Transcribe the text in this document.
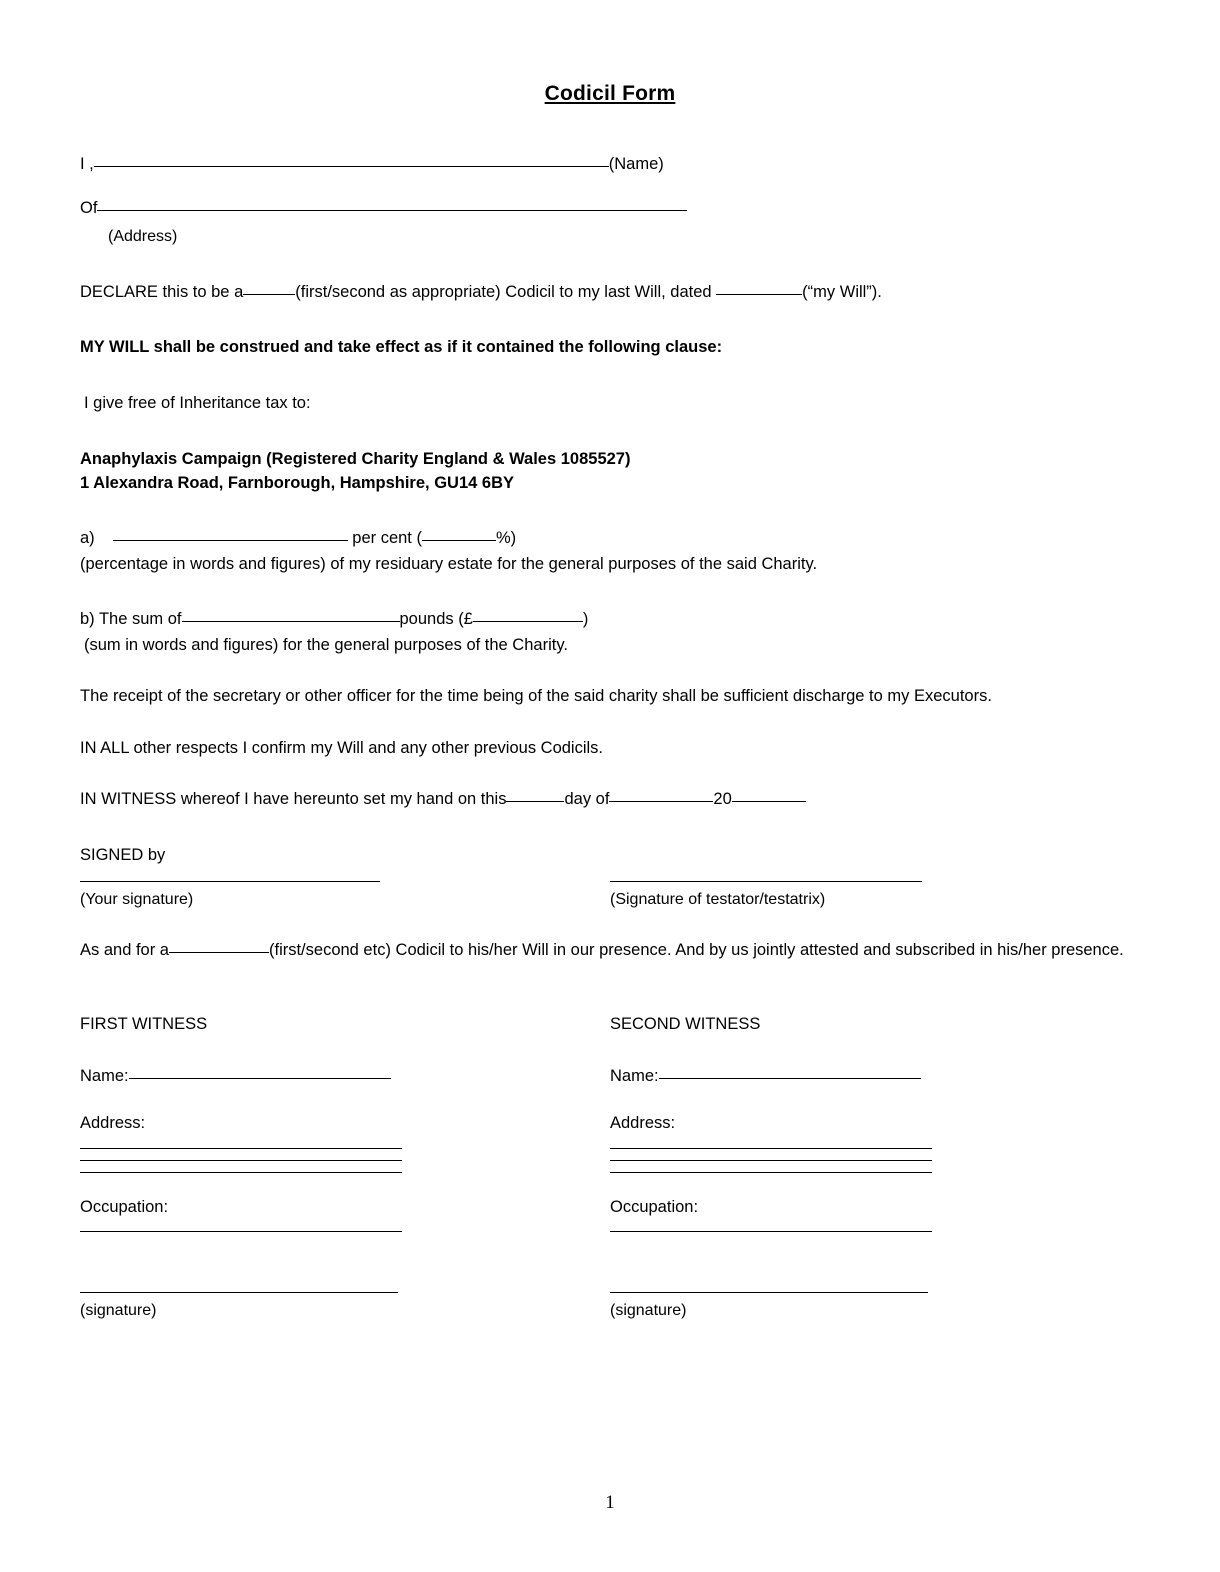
Codicil Form
I ,	(Name)
Of
(Address)
DECLARE this to be a	(first/second as appropriate) Codicil to my last Will, dated	(“my Will”).
MY WILL shall be construed and take effect as if it contained the following clause:
I give free of Inheritance tax to:
Anaphylaxis Campaign (Registered Charity England & Wales 1085527)
1 Alexandra Road, Farnborough, Hampshire, GU14 6BY
a)	per cent (	%)
(percentage in words and figures) of my residuary estate for the general purposes of the said Charity.
b) The sum of	pounds (£	)
(sum in words and figures) for the general purposes of the Charity.
The receipt of the secretary or other officer for the time being of the said charity shall be sufficient discharge to my Executors.
IN ALL other respects I confirm my Will and any other previous Codicils.
IN WITNESS whereof I have hereunto set my hand on this	day of	20
SIGNED by
(Your signature)	(Signature of testator/testatrix)
As and for a	(first/second etc) Codicil to his/her Will in our presence. And by us jointly attested and subscribed in his/her presence.
FIRST WITNESS
Name:
Address:
Occupation:
(signature)
SECOND WITNESS
Name:
Address:
Occupation:
(signature)
1
